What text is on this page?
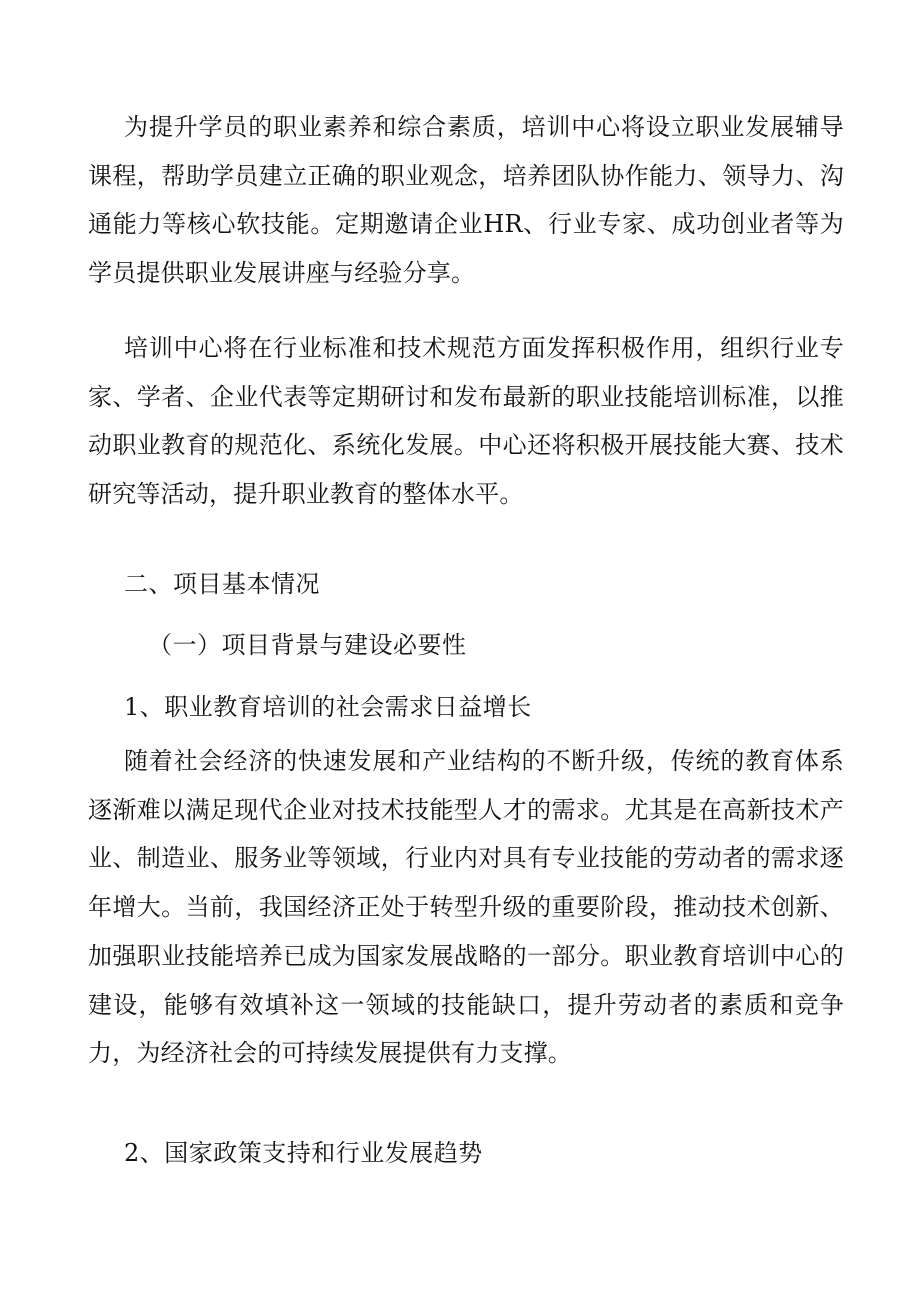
为提升学员的职业素养和综合素质，培训中心将设立职业发展辅导课程，帮助学员建立正确的职业观念，培养团队协作能力、领导力、沟通能力等核心软技能。定期邀请企业HR、行业专家、成功创业者等为学员提供职业发展讲座与经验分享。

培训中心将在行业标准和技术规范方面发挥积极作用，组织行业专家、学者、企业代表等定期研讨和发布最新的职业技能培训标准，以推动职业教育的规范化、系统化发展。中心还将积极开展技能大赛、技术研究等活动，提升职业教育的整体水平。

二、项目基本情况
（一）项目背景与建设必要性
1、职业教育培训的社会需求日益增长

随着社会经济的快速发展和产业结构的不断升级，传统的教育体系逐渐难以满足现代企业对技术技能型人才的需求。尤其是在高新技术产业、制造业、服务业等领域，行业内对具有专业技能的劳动者的需求逐年增大。当前，我国经济正处于转型升级的重要阶段，推动技术创新、加强职业技能培养已成为国家发展战略的一部分。职业教育培训中心的建设，能够有效填补这一领域的技能缺口，提升劳动者的素质和竞争力，为经济社会的可持续发展提供有力支撑。

2、国家政策支持和行业发展趋势
